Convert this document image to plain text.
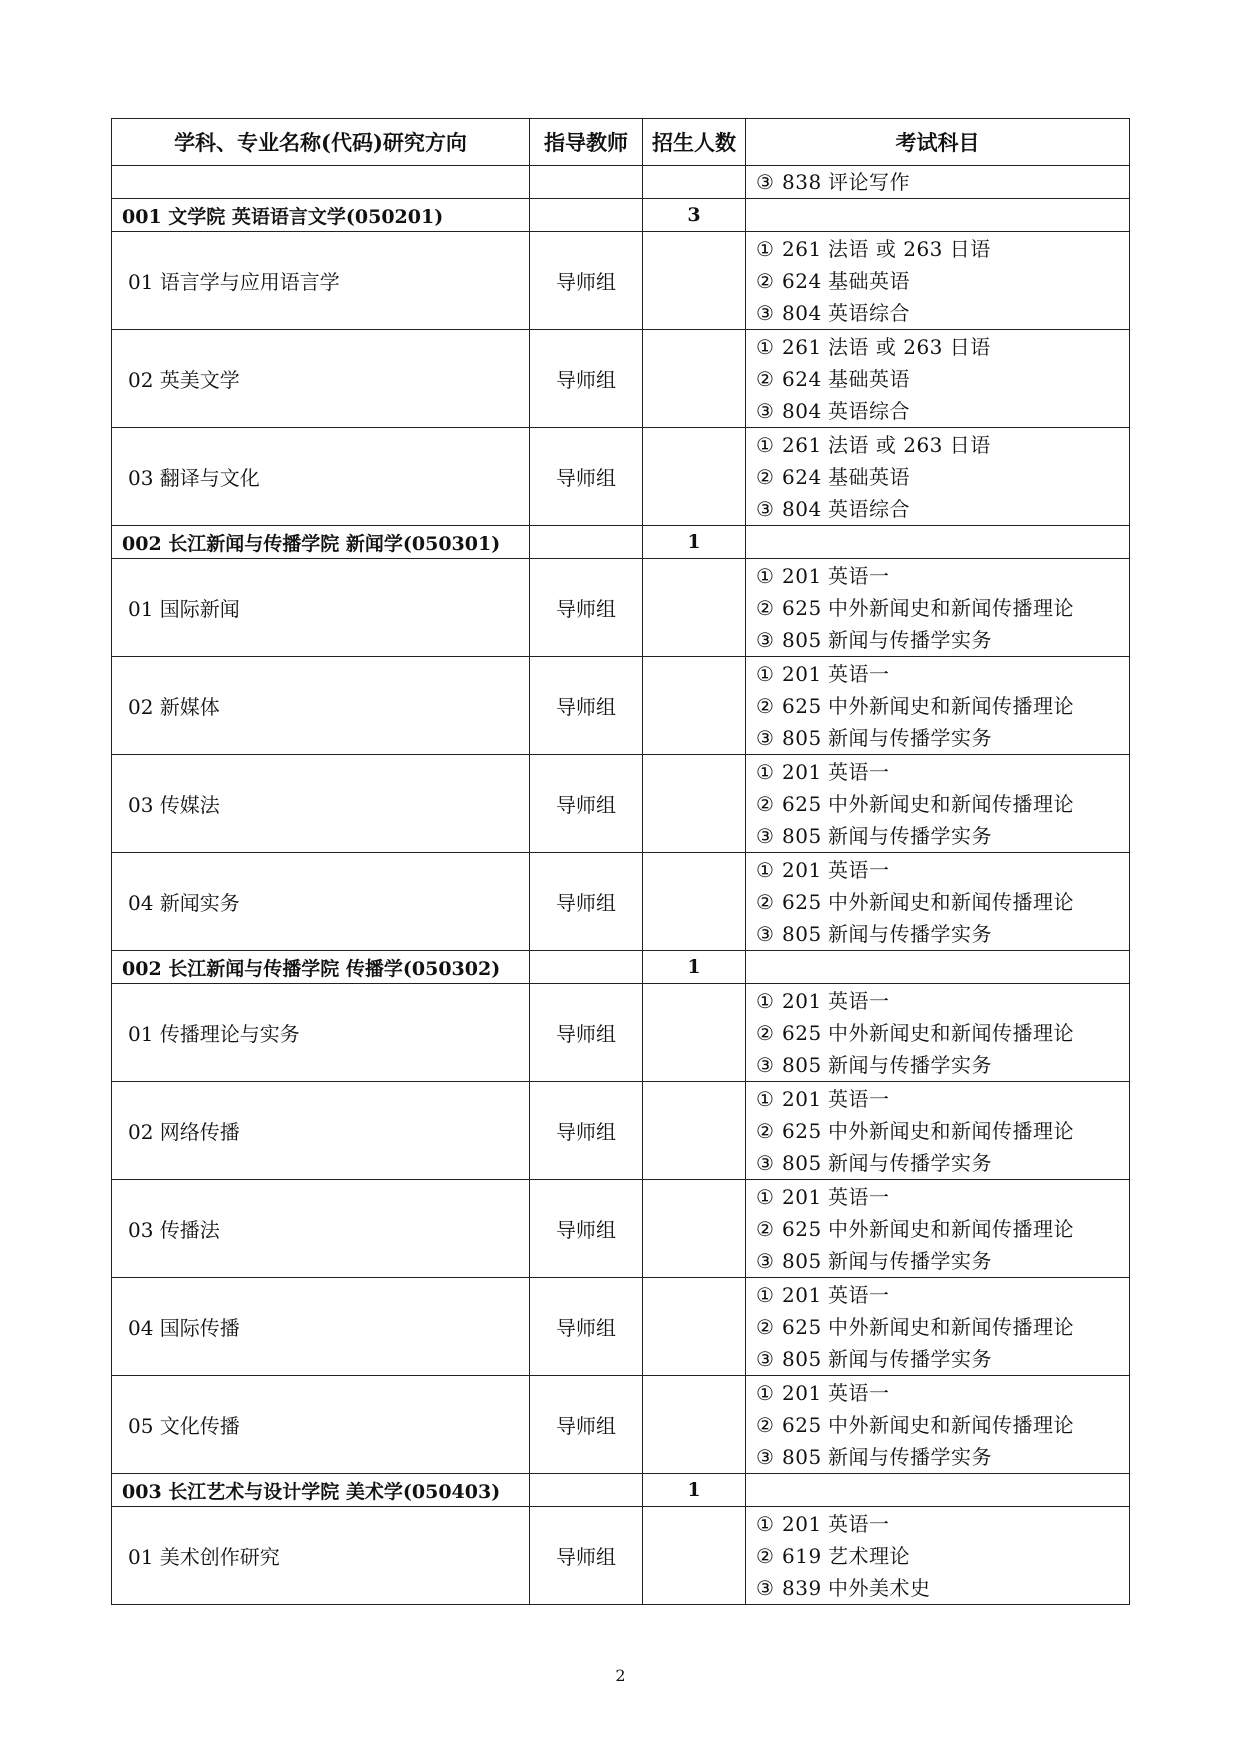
学科、专业名称(代码)研究方向	指导教师	招生人数	考试科目

			③ 838 评论写作

001 文学院 英语语言文学(050201)		3	
01 语言学与应用语言学	导师组		① 261 法语 或 263 日语
② 624 基础英语
③ 804 英语综合

02 英美文学	导师组		① 261 法语 或 263 日语
② 624 基础英语
③ 804 英语综合

03 翻译与文化	导师组		① 261 法语 或 263 日语
② 624 基础英语
③ 804 英语综合

002 长江新闻与传播学院 新闻学(050301)		1	
01 国际新闻	导师组		① 201 英语一
② 625 中外新闻史和新闻传播理论
③ 805 新闻与传播学实务

02 新媒体	导师组		① 201 英语一
② 625 中外新闻史和新闻传播理论
③ 805 新闻与传播学实务

03 传媒法	导师组		① 201 英语一
② 625 中外新闻史和新闻传播理论
③ 805 新闻与传播学实务

04 新闻实务	导师组		① 201 英语一
② 625 中外新闻史和新闻传播理论
③ 805 新闻与传播学实务

002 长江新闻与传播学院 传播学(050302)		1	
01 传播理论与实务	导师组		① 201 英语一
② 625 中外新闻史和新闻传播理论
③ 805 新闻与传播学实务

02 网络传播	导师组		① 201 英语一
② 625 中外新闻史和新闻传播理论
③ 805 新闻与传播学实务

03 传播法	导师组		① 201 英语一
② 625 中外新闻史和新闻传播理论
③ 805 新闻与传播学实务

04 国际传播	导师组		① 201 英语一
② 625 中外新闻史和新闻传播理论
③ 805 新闻与传播学实务

05 文化传播	导师组		① 201 英语一
② 625 中外新闻史和新闻传播理论
③ 805 新闻与传播学实务

003 长江艺术与设计学院 美术学(050403)		1	
01 美术创作研究	导师组		① 201 英语一
② 619 艺术理论
③ 839 中外美术史
2
